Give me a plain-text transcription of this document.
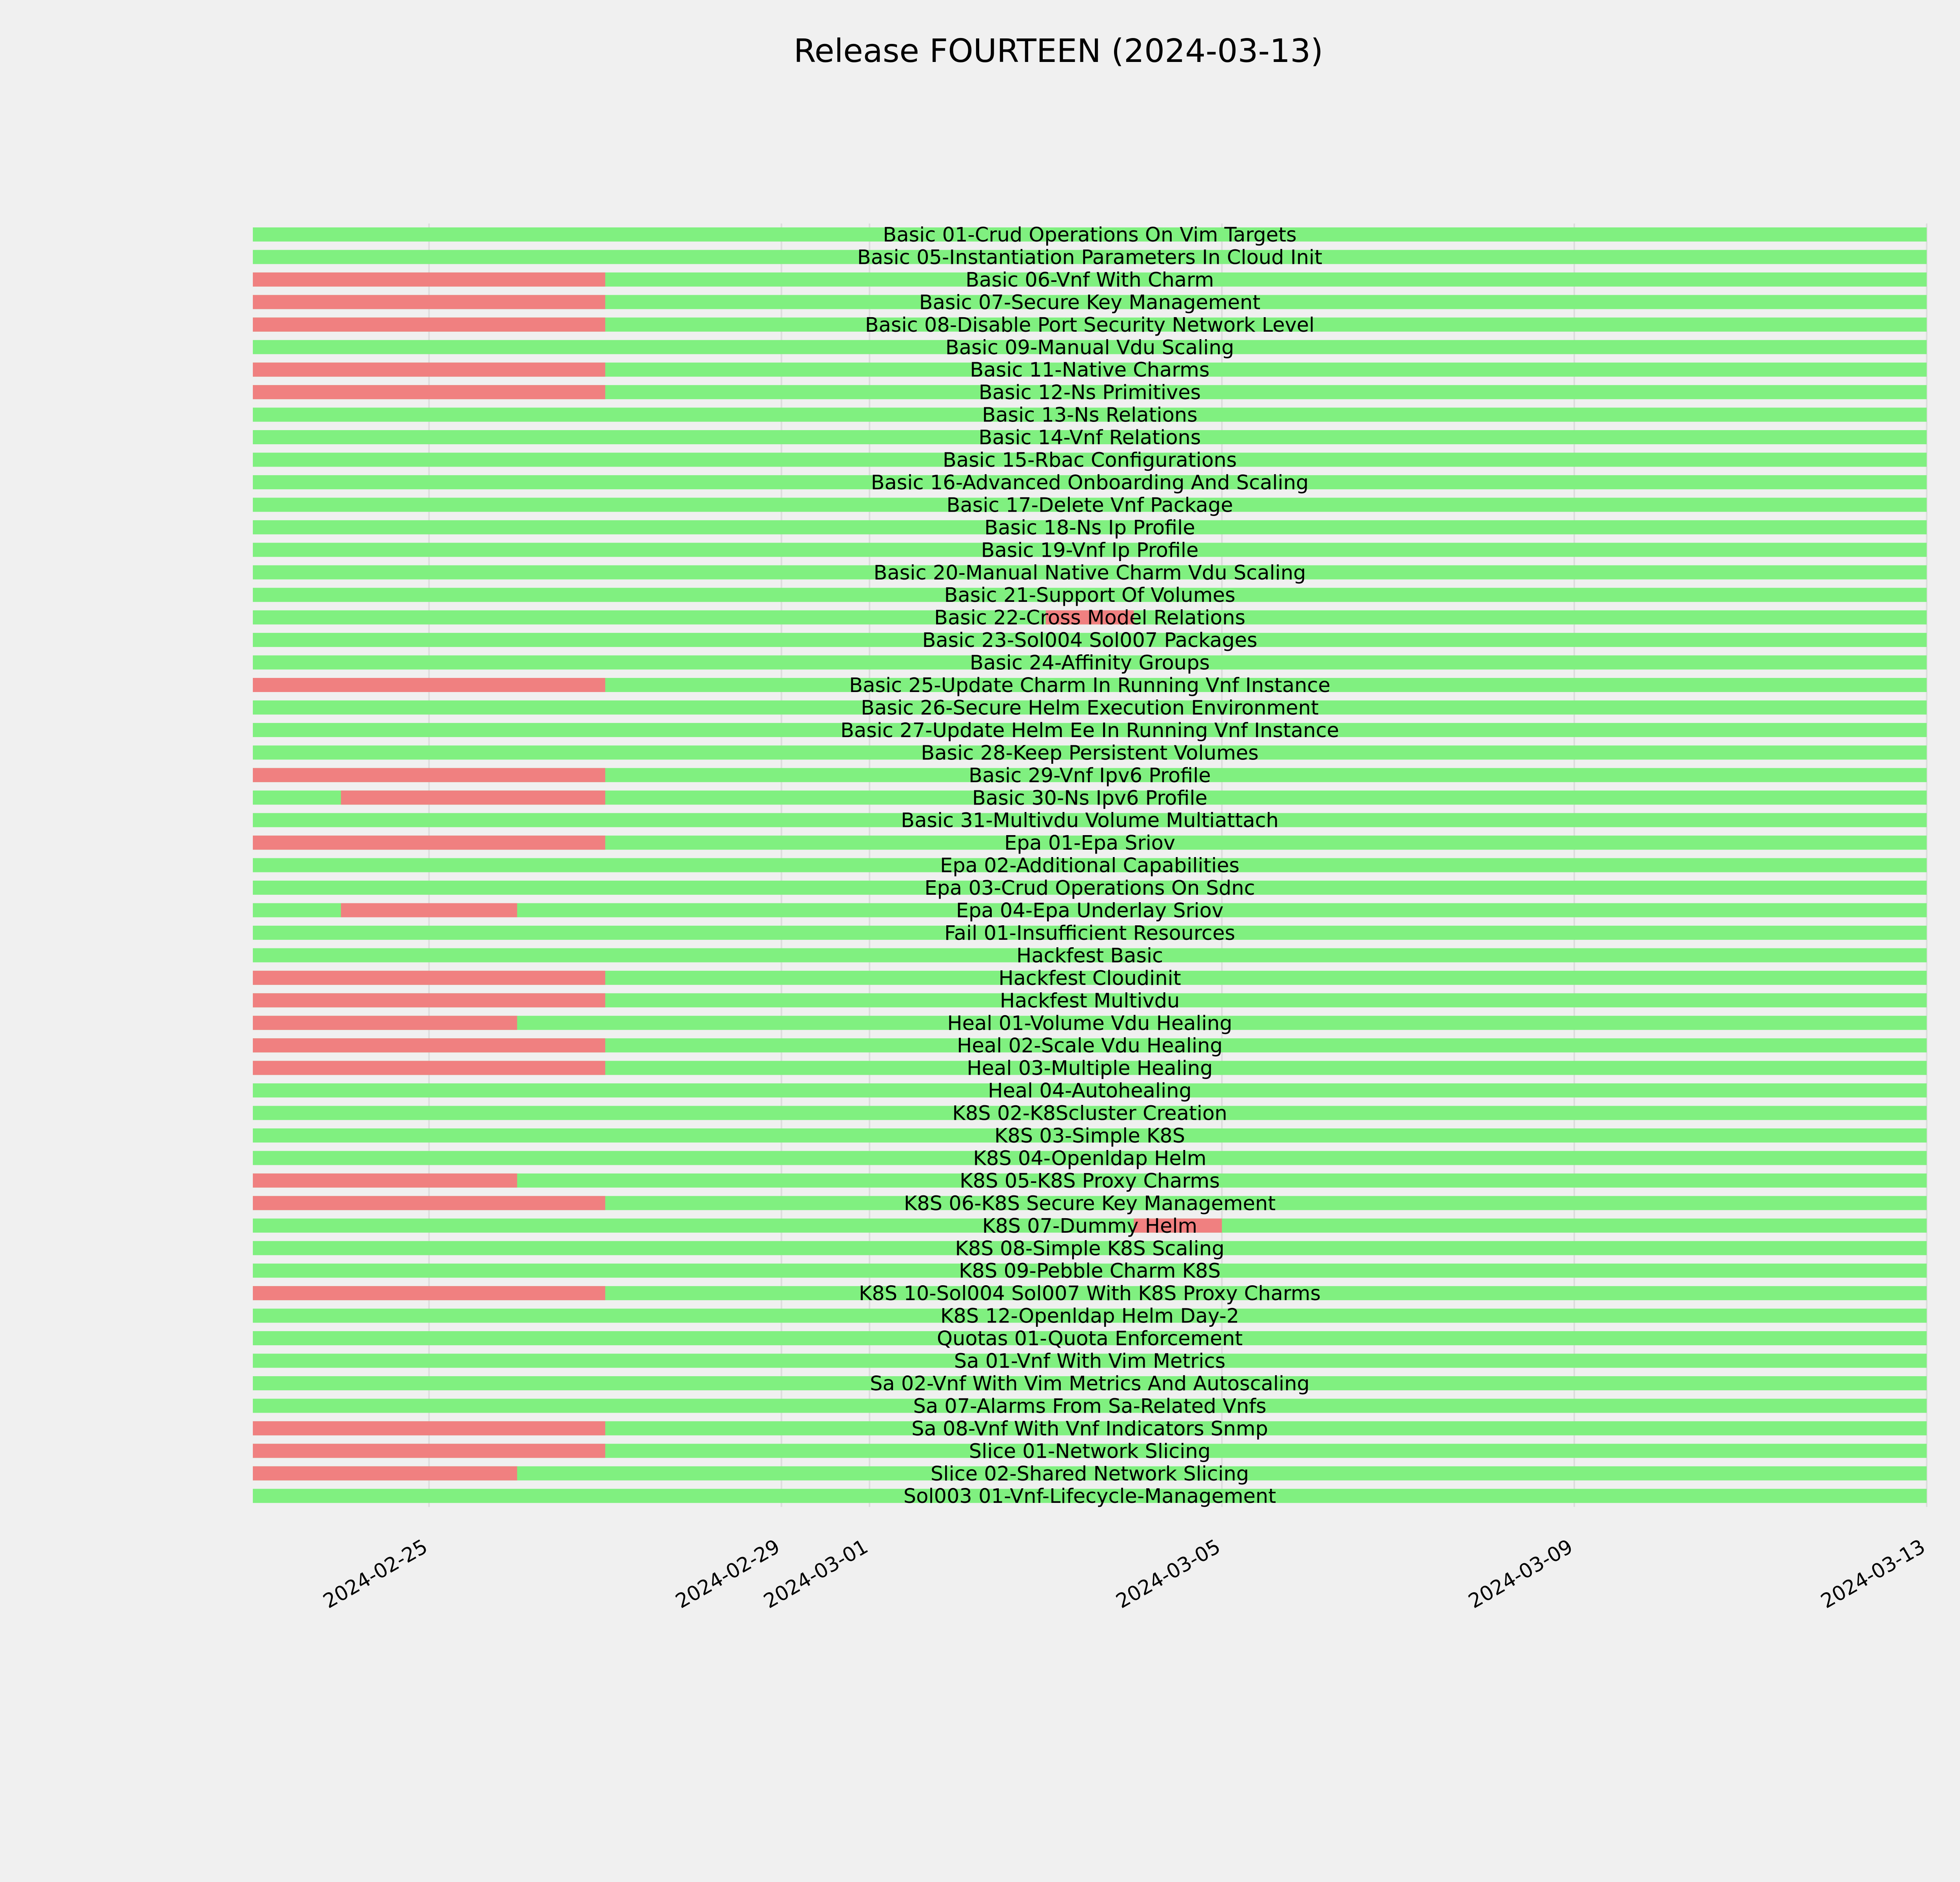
Release FOURTEEN (2024-03-13)
Basic 01-Crud Operations On Vim Targets
Basic 05-Instantiation Parameters In Cloud Init
Basic 06-Vnf With Charm
Basic 07-Secure Key Management
Basic 08-Disable Port Security Network Level
Basic 09-Manual Vdu Scaling
Basic 11-Native Charms
Basic 12-Ns Primitives
Basic 13-Ns Relations
Basic 14-Vnf Relations
Basic 15-Rbac Configurations
Basic 16-Advanced Onboarding And Scaling
Basic 17-Delete Vnf Package
Basic 18-Ns Ip Profile
Basic 19-Vnf Ip Profile
Basic 20-Manual Native Charm Vdu Scaling
Basic 21-Support Of Volumes
Basic 22-Cross Model Relations
Basic 23-Sol004 Sol007 Packages
Basic 24-Affinity Groups
Basic 25-Update Charm In Running Vnf Instance
Basic 26-Secure Helm Execution Environment
Basic 27-Update Helm Ee In Running Vnf Instance
Basic 28-Keep Persistent Volumes
Basic 29-Vnf Ipv6 Profile
Basic 30-Ns Ipv6 Profile
Basic 31-Multivdu Volume Multiattach
Epa 01-Epa Sriov
Epa 02-Additional Capabilities
Epa 03-Crud Operations On Sdnc
Epa 04-Epa Underlay Sriov
Fail 01-Insufficient Resources
Hackfest Basic
Hackfest Cloudinit
Hackfest Multivdu
Heal 01-Volume Vdu Healing
Heal 02-Scale Vdu Healing
Heal 03-Multiple Healing
Heal 04-Autohealing
K8S 02-K8Scluster Creation
K8S 03-Simple K8S
K8S 04-Openldap Helm
K8S 05-K8S Proxy Charms
K8S 06-K8S Secure Key Management
K8S 07-Dummy Helm
K8S 08-Simple K8S Scaling
K8S 09-Pebble Charm K8S
K8S 10-Sol004 Sol007 With K8S Proxy Charms
K8S 12-Openldap Helm Day-2
Quotas 01-Quota Enforcement
Sa 01-Vnf With Vim Metrics
Sa 02-Vnf With Vim Metrics And Autoscaling
Sa 07-Alarms From Sa-Related Vnfs
Sa 08-Vnf With Vnf Indicators Snmp
Slice 01-Network Slicing
Slice 02-Shared Network Slicing
Sol003 01-Vnf-Lifecycle-Management
2024-02-25	2024-02-29
2024-03-01	2024-03-05	2024-03-09	2024-03-13
